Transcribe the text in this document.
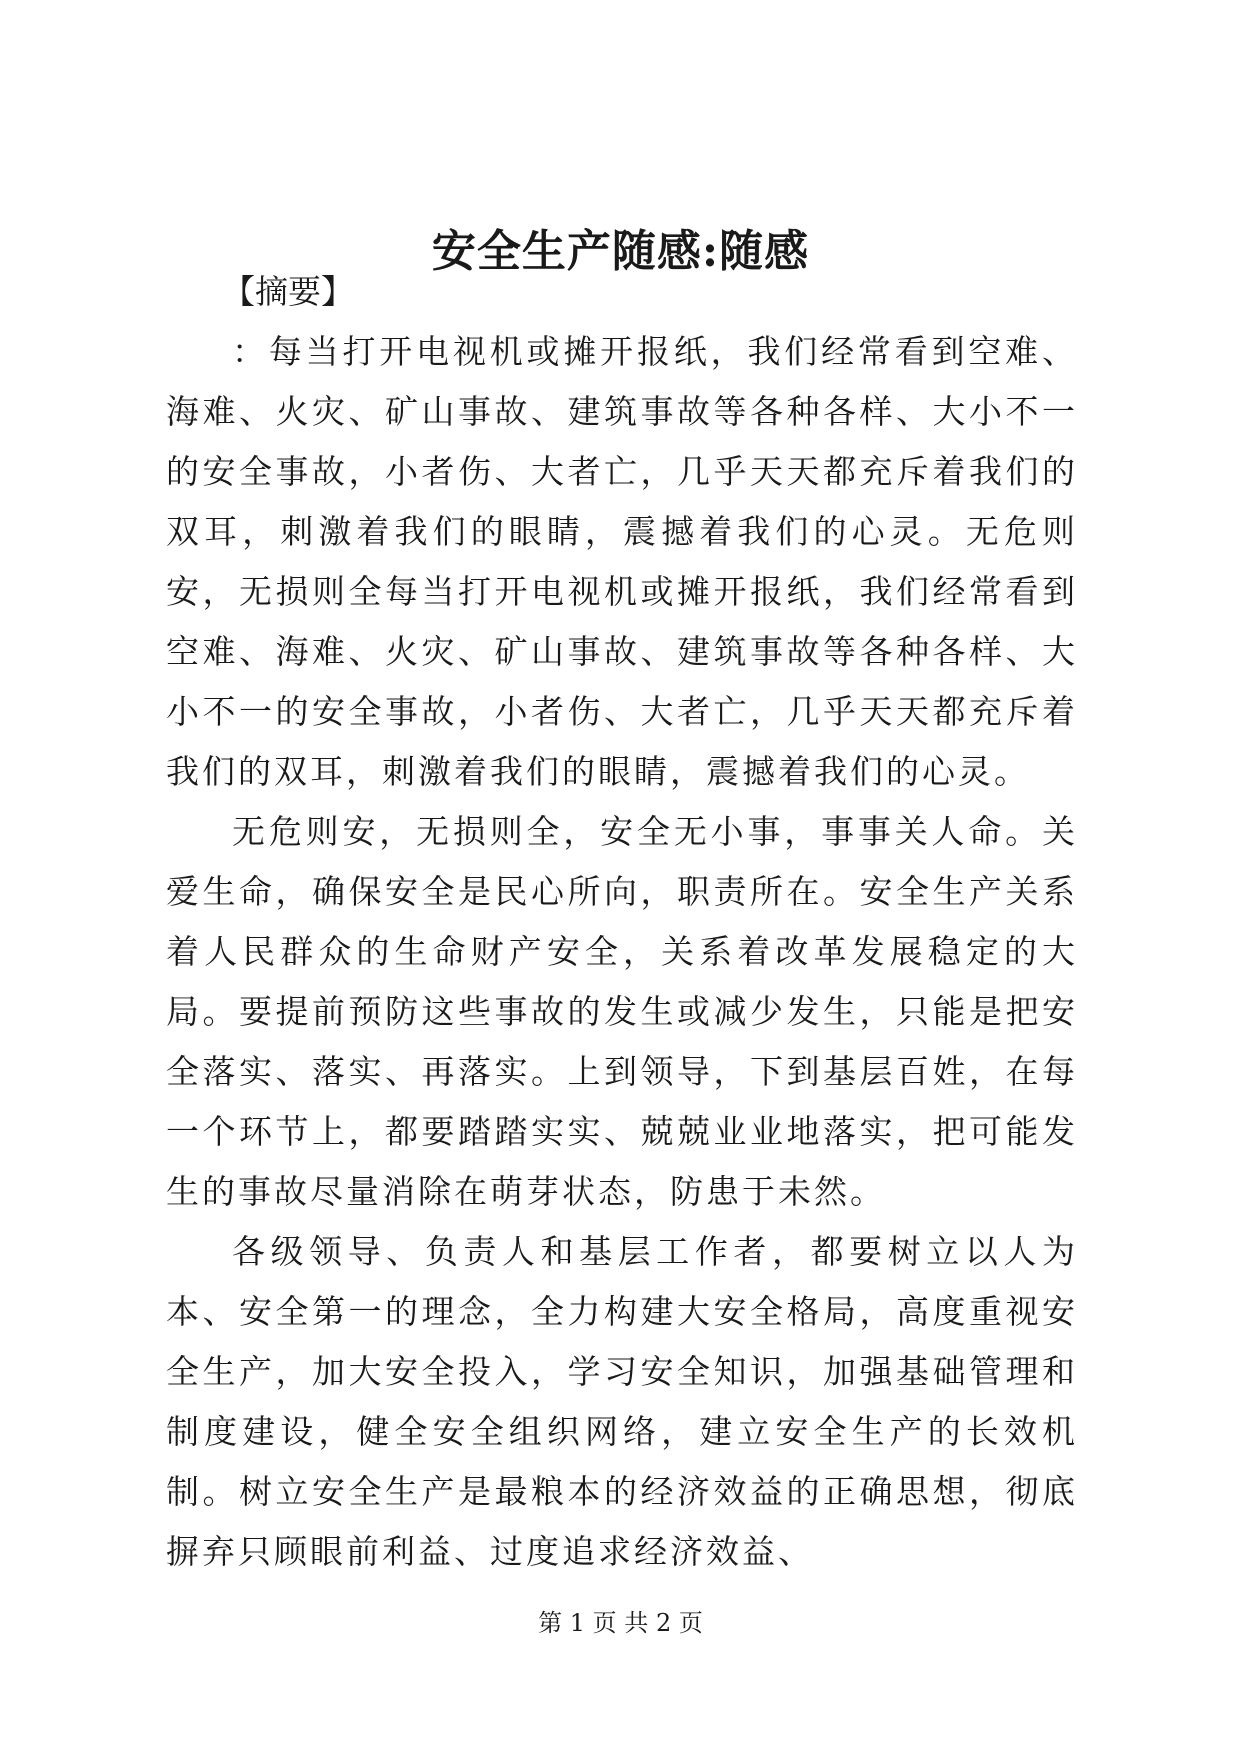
安全生产随感:随感
【摘要】

：每当打开电视机或摊开报纸，我们经常看到空难、海难、火灾、矿山事故、建筑事故等各种各样、大小不一的安全事故，小者伤、大者亡，几乎天天都充斥着我们的双耳，刺激着我们的眼睛，震撼着我们的心灵。无危则安，无损则全每当打开电视机或摊开报纸，我们经常看到空难、海难、火灾、矿山事故、建筑事故等各种各样、大小不一的安全事故，小者伤、大者亡，几乎天天都充斥着我们的双耳，刺激着我们的眼睛，震撼着我们的心灵。

无危则安，无损则全，安全无小事，事事关人命。关爱生命，确保安全是民心所向，职责所在。安全生产关系着人民群众的生命财产安全，关系着改革发展稳定的大局。要提前预防这些事故的发生或减少发生，只能是把安全落实、落实、再落实。上到领导，下到基层百姓，在每一个环节上，都要踏踏实实、兢兢业业地落实，把可能发生的事故尽量消除在萌芽状态，防患于未然。

各级领导、负责人和基层工作者，都要树立以人为本、安全第一的理念，全力构建大安全格局，高度重视安全生产，加大安全投入，学习安全知识，加强基础管理和制度建设，健全安全组织网络，建立安全生产的长效机制。树立安全生产是最粮本的经济效益的正确思想，彻底摒弃只顾眼前利益、过度追求经济效益、

第 1 页 共 2 页
